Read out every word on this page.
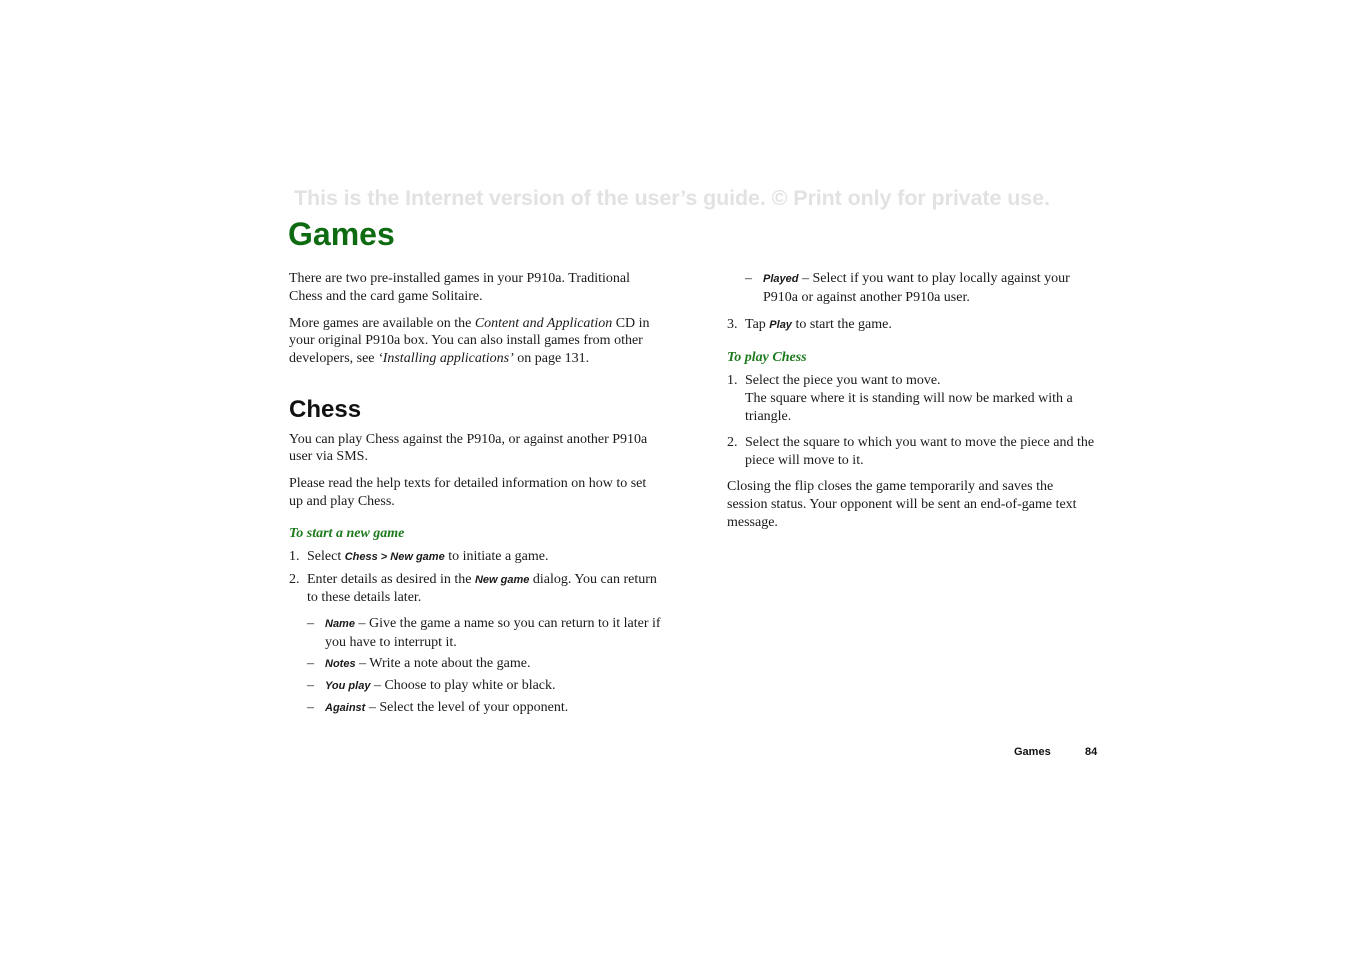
This is the Internet version of the user’s guide. © Print only for private use.
Games

There are two pre-installed games in your P910a. Traditional Chess and the card game Solitaire.

More games are available on the Content and Application CD in your original P910a box. You can also install games from other developers, see ‘Installing applications’ on page 131.

Chess

You can play Chess against the P910a, or against another P910a user via SMS.

Please read the help texts for detailed information on how to set up and play Chess.

To start a new game
1. Select Chess > New game to initiate a game.
2. Enter details as desired in the New game dialog. You can return to these details later.
– Name – Give the game a name so you can return to it later if you have to interrupt it.
– Notes – Write a note about the game.
– You play – Choose to play white or black.
– Against – Select the level of your opponent.
– Played – Select if you want to play locally against your P910a or against another P910a user.
3. Tap Play to start the game.
To play Chess
1. Select the piece you want to move.
The square where it is standing will now be marked with a triangle.
2. Select the square to which you want to move the piece and the piece will move to it.

Closing the flip closes the game temporarily and saves the session status. Your opponent will be sent an end-of-game text message.

Games	84
